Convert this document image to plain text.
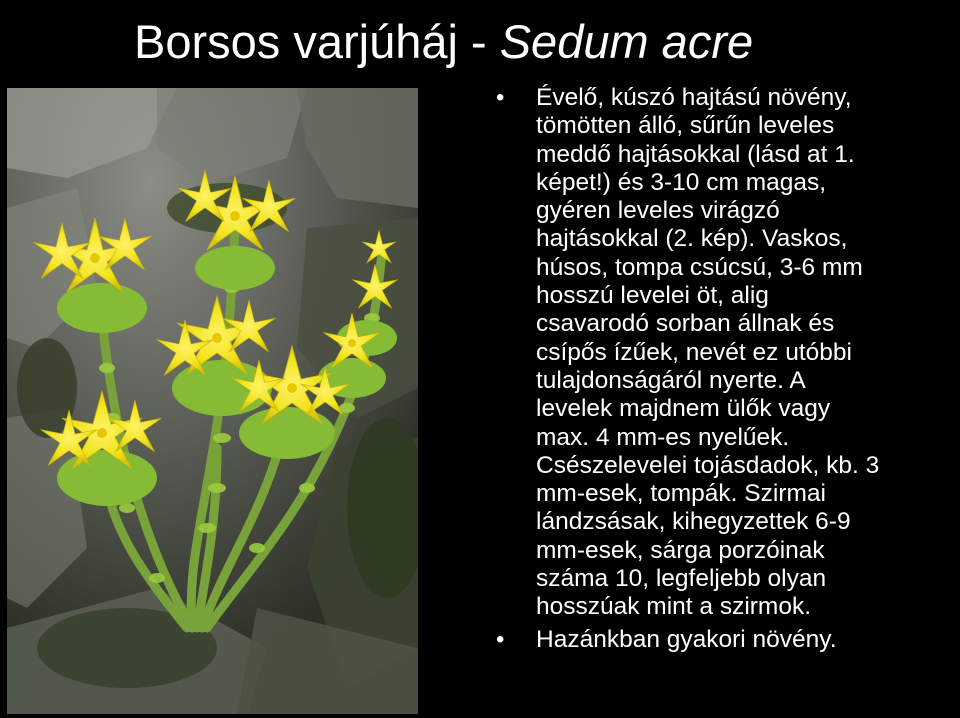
Borsos varjúháj - Sedum acre
• Évelő, kúszó hajtású növény,
tömötten álló, sűrűn leveles
meddő hajtásokkal (lásd at 1.
képet!) és 3-10 cm magas,
gyéren leveles virágzó
hajtásokkal (2. kép). Vaskos,
húsos, tompa csúcsú, 3-6 mm
hosszú levelei öt, alig
csavarodó sorban állnak és
csípős ízűek, nevét ez utóbbi
tulajdonságáról nyerte. A
levelek majdnem ülők vagy
max. 4 mm-es nyelűek.
Csészelevelei tojásdadok, kb. 3
mm-esek, tompák. Szirmai
lándzsásak, kihegyzettek 6-9
mm-esek, sárga porzóinak
száma 10, legfeljebb olyan
hosszúak mint a szirmok.
• Hazánkban gyakori növény.
